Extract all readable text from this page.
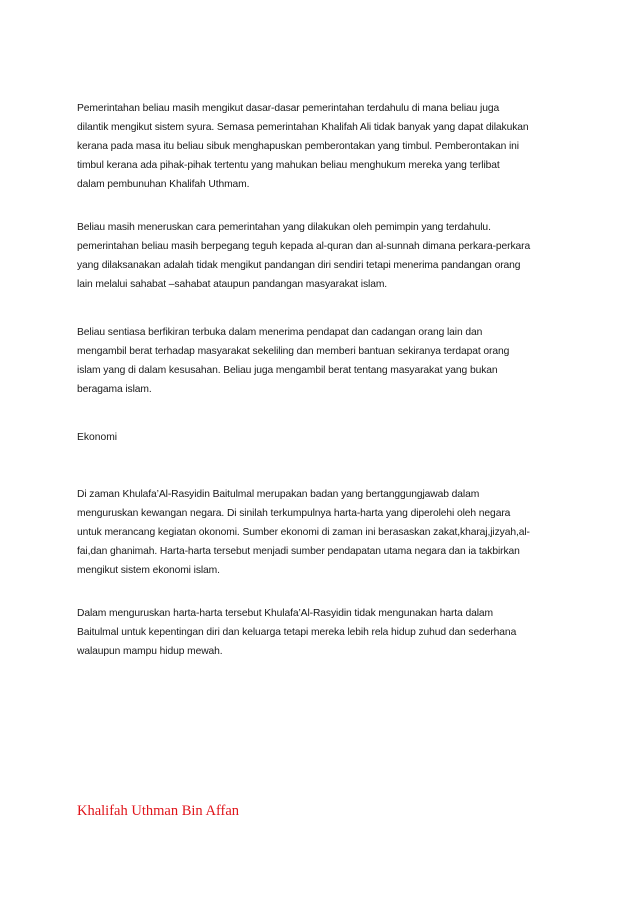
Pemerintahan beliau masih mengikut dasar-dasar pemerintahan terdahulu di mana beliau juga
dilantik mengikut sistem syura. Semasa pemerintahan Khalifah Ali tidak banyak yang dapat dilakukan
kerana pada masa itu beliau sibuk menghapuskan pemberontakan yang timbul. Pemberontakan ini
timbul kerana ada pihak-pihak tertentu yang mahukan beliau menghukum mereka yang terlibat
dalam pembunuhan Khalifah Uthmam.
Beliau masih meneruskan cara pemerintahan yang dilakukan oleh pemimpin yang terdahulu.
pemerintahan beliau masih berpegang teguh kepada al-quran dan al-sunnah dimana perkara-perkara
yang dilaksanakan adalah tidak mengikut pandangan diri sendiri tetapi menerima pandangan orang
lain melalui sahabat –sahabat ataupun pandangan masyarakat islam.
Beliau sentiasa berfikiran terbuka dalam menerima pendapat dan cadangan orang lain dan
mengambil berat terhadap masyarakat sekeliling dan memberi bantuan sekiranya terdapat orang
islam yang di dalam kesusahan. Beliau juga mengambil berat tentang masyarakat yang bukan
beragama islam.
Ekonomi
Di zaman Khulafa’Al-Rasyidin Baitulmal merupakan badan yang bertanggungjawab dalam
menguruskan kewangan negara. Di sinilah terkumpulnya harta-harta yang diperolehi oleh negara
untuk merancang kegiatan okonomi. Sumber ekonomi di zaman ini berasaskan zakat,kharaj,jizyah,al-
fai,dan ghanimah. Harta-harta tersebut menjadi sumber pendapatan utama negara dan ia takbirkan
mengikut sistem ekonomi islam.
Dalam menguruskan harta-harta tersebut Khulafa’Al-Rasyidin tidak mengunakan harta dalam
Baitulmal untuk kepentingan diri dan keluarga tetapi mereka lebih rela hidup zuhud dan sederhana
walaupun mampu hidup mewah.
Khalifah Uthman Bin Affan
